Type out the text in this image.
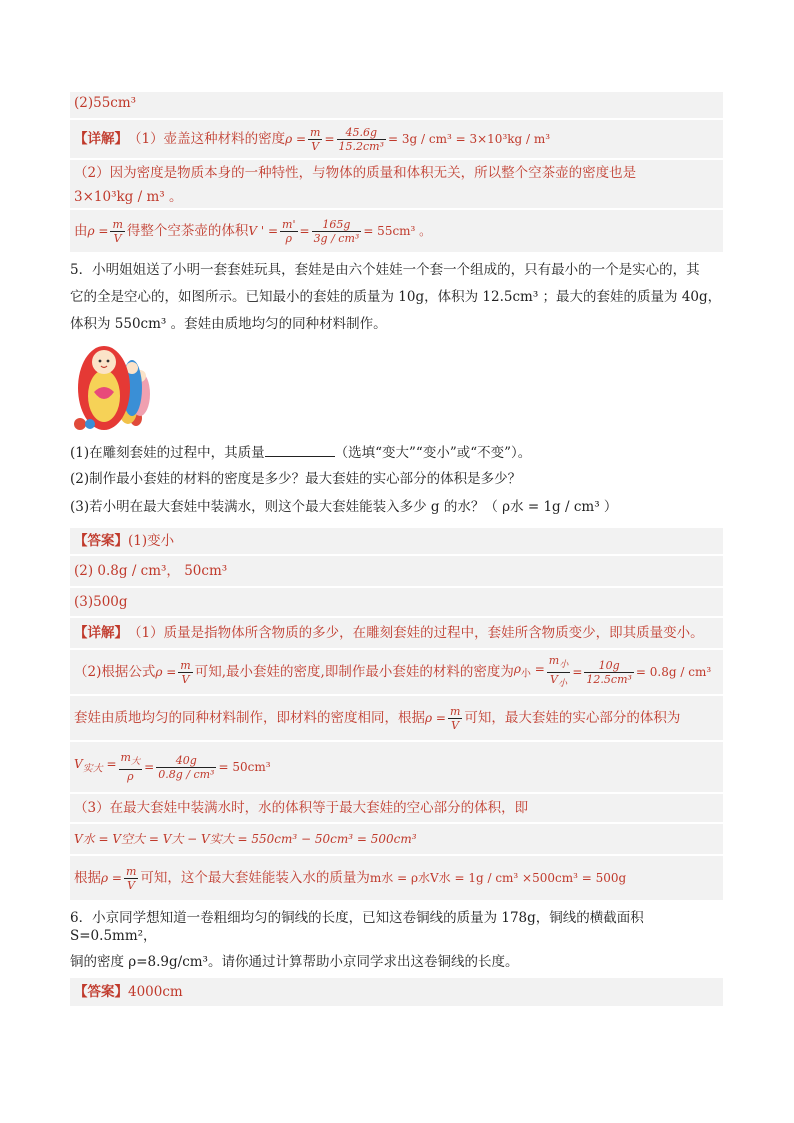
(2)55cm³
【详解】 （1）壶盖这种材料的密度 $\rho = \frac{m}{V} = \frac{45.6g}{\text{15.2cm³}} = 3g / cm^3 = 3\times 10^3kg / m^3$
（2）因为密度是物质本身的一种特性，与物体的质量和体积无关，所以整个空茶壶的密度也是
3×10³kg / m³ 。
由 $\rho = \frac{m}{V}$ 得整个空茶壶的体积 V ' = $\frac{m'}{\rho} = \frac{165g}{\text{3g / cm³}} = 55cm^3$ 。
5．小明姐姐送了小明一套套娃玩具，套娃是由六个娃娃一个套一个组成的，只有最小的一个是实心的，其
它的全是空心的，如图所示。已知最小的套娃的质量为 10g，体积为 12.5cm³ ；最大的套娃的质量为 40g，
体积为 550cm³ 。套娃由质地均匀的同种材料制作。
(1)在雕刻套娃的过程中，其质量	（选填“变大”“变小”或“不变”）。
(2)制作最小套娃的材料的密度是多少？最大套娃的实心部分的体积是多少？
(3)若小明在最大套娃中装满水，则这个最大套娃能装入多少 g 的水？（ ρ水 = 1g / cm³ ）
【答案】 (1)变小
(2) 0.8g / cm³， 50cm³
(3)500g
【详解】 （1）质量是指物体所含物质的多少，在雕刻套娃的过程中，套娃所含物质变少，即其质量变小。
（2)根据公式 $\rho = \frac{m}{V}$ 可知,最小套娃的密度,即制作最小套娃的材料的密度为 $\rho_小 = \frac{m_小}{V_小} = \frac{10g}{\text{12.5cm³}} = 0.8g / cm^3$
套娃由质地均匀的同种材料制作，即材料的密度相同，根据 $\rho = \frac{m}{V}$ 可知，最大套娃的实心部分的体积为
$V_{实大} = \frac{m_大}{\rho} = \frac{40g}{\text{0.8g / cm³}} = 50cm^3$
（3）在最大套娃中装满水时，水的体积等于最大套娃的空心部分的体积，即
V水 = V空大 = V大 − V实大 = 550cm³ − 50cm³ = 500cm³
根据 $\rho = \frac{m}{V}$ 可知，这个最大套娃能装入水的质量为 m水 = ρ水V水 = 1g / cm³ ×500cm³ = 500g
6．小京同学想知道一卷粗细均匀的铜线的长度，已知这卷铜线的质量为 178g，铜线的横截面积 S=0.5mm²，
铜的密度 ρ=8.9g/cm³。请你通过计算帮助小京同学求出这卷铜线的长度。
【答案】 4000cm
